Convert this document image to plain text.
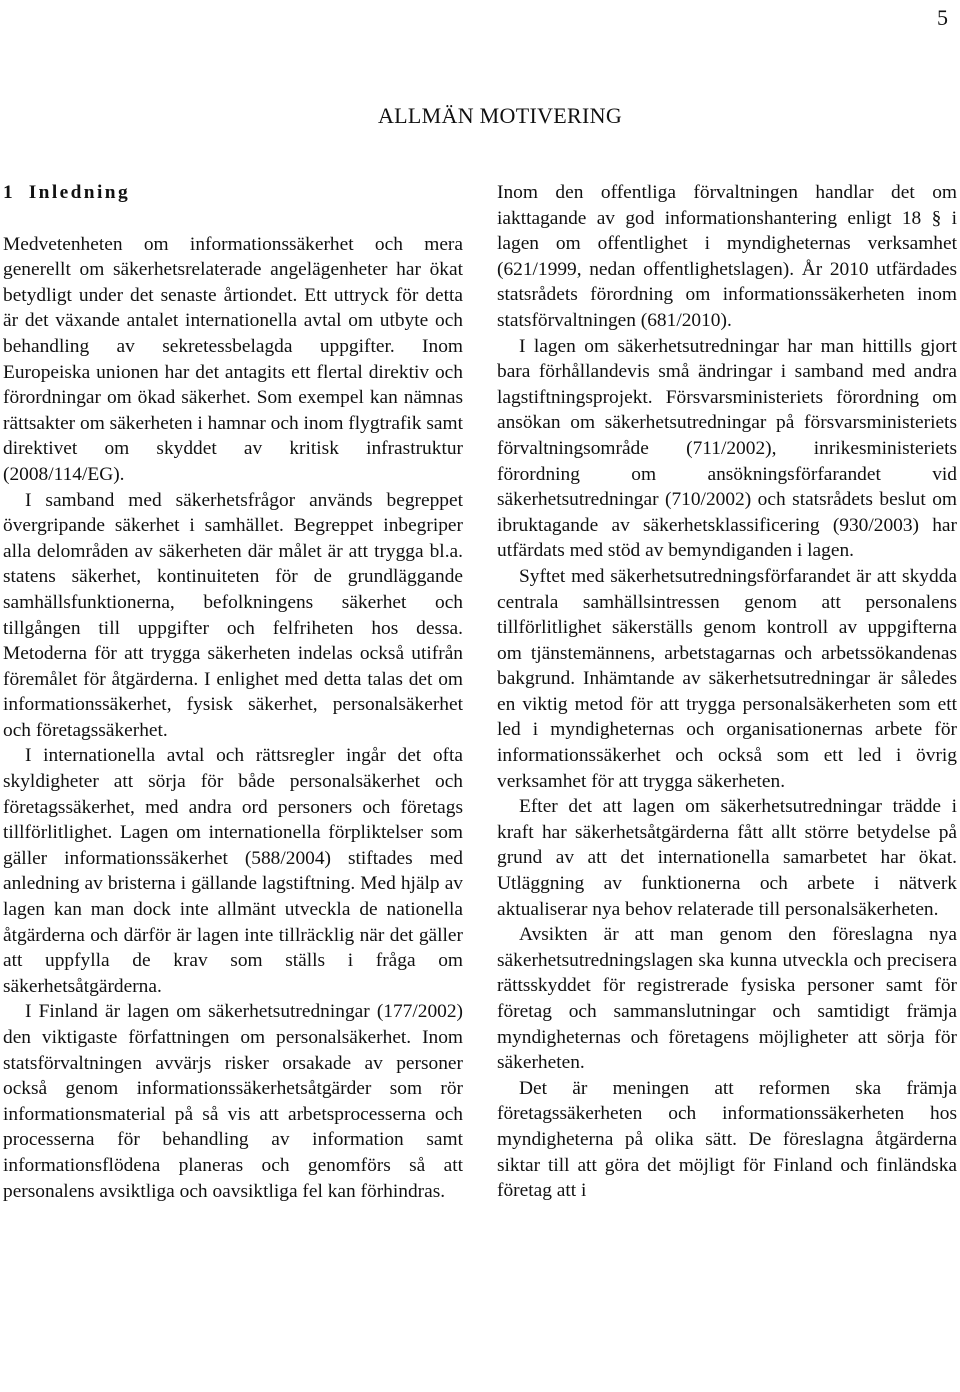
5
ALLMÄN MOTIVERING
1 Inledning

Medvetenheten om informationssäkerhet och mera generellt om säkerhetsrelaterade angelägenheter har ökat betydligt under det senaste årtiondet. Ett uttryck för detta är det växande antalet internationella avtal om utbyte och behandling av sekretessbelagda uppgifter. Inom Europeiska unionen har det antagits ett flertal direktiv och förordningar om ökad säkerhet. Som exempel kan nämnas rättsakter om säkerheten i hamnar och inom flygtrafik samt direktivet om skyddet av kritisk infrastruktur (2008/114/EG).

I samband med säkerhetsfrågor används begreppet övergripande säkerhet i samhället. Begreppet inbegriper alla delområden av säkerheten där målet är att trygga bl.a. statens säkerhet, kontinuiteten för de grundläggande samhällsfunktionerna, befolkningens säkerhet och tillgången till uppgifter och felfriheten hos dessa. Metoderna för att trygga säkerheten indelas också utifrån föremålet för åtgärderna. I enlighet med detta talas det om informationssäkerhet, fysisk säkerhet, personalsäkerhet och företagssäkerhet.

I internationella avtal och rättsregler ingår det ofta skyldigheter att sörja för både personalsäkerhet och företagssäkerhet, med andra ord personers och företags tillförlitlighet. Lagen om internationella förpliktelser som gäller informationssäkerhet (588/2004) stiftades med anledning av bristerna i gällande lagstiftning. Med hjälp av lagen kan man dock inte allmänt utveckla de nationella åtgärderna och därför är lagen inte tillräcklig när det gäller att uppfylla de krav som ställs i fråga om säkerhetsåtgärderna.

I Finland är lagen om säkerhetsutredningar (177/2002) den viktigaste författningen om personalsäkerhet. Inom statsförvaltningen avvärjs risker orsakade av personer också genom informationssäkerhetsåtgärder som rör informationsmaterial på så vis att arbetsprocesserna och processerna för behandling av information samt informationsflödena planeras och genomförs så att personalens avsiktliga och oavsiktliga fel kan förhindras.

Inom den offentliga förvaltningen handlar det om iakttagande av god informationshantering enligt 18 § i lagen om offentlighet i myndigheternas verksamhet (621/1999, nedan offentlighetslagen). År 2010 utfärdades statsrådets förordning om informationssäkerheten inom statsförvaltningen (681/2010).

I lagen om säkerhetsutredningar har man hittills gjort bara förhållandevis små ändringar i samband med andra lagstiftningsprojekt. Försvarsministeriets förordning om ansökan om säkerhetsutredningar på försvarsministeriets förvaltningsområde (711/2002), inrikesministeriets förordning om ansökningsförfarandet vid säkerhetsutredningar (710/2002) och statsrådets beslut om ibruktagande av säkerhetsklassificering (930/2003) har utfärdats med stöd av bemyndiganden i lagen.

Syftet med säkerhetsutredningsförfarandet är att skydda centrala samhällsintressen genom att personalens tillförlitlighet säkerställs genom kontroll av uppgifterna om tjänstemännens, arbetstagarnas och arbetssökandenas bakgrund. Inhämtande av säkerhetsutredningar är således en viktig metod för att trygga personalsäkerheten som ett led i myndigheternas och organisationernas arbete för informationssäkerhet och också som ett led i övrig verksamhet för att trygga säkerheten.

Efter det att lagen om säkerhetsutredningar trädde i kraft har säkerhetsåtgärderna fått allt större betydelse på grund av att det internationella samarbetet har ökat. Utläggning av funktionerna och arbete i nätverk aktualiserar nya behov relaterade till personalsäkerheten.

Avsikten är att man genom den föreslagna nya säkerhetsutredningslagen ska kunna utveckla och precisera rättsskyddet för registrerade fysiska personer samt för företag och sammanslutningar och samtidigt främja myndigheternas och företagens möjligheter att sörja för säkerheten.

Det är meningen att reformen ska främja företagssäkerheten och informationssäkerheten hos myndigheterna på olika sätt. De föreslagna åtgärderna siktar till att göra det möjligt för Finland och finländska företag att i
